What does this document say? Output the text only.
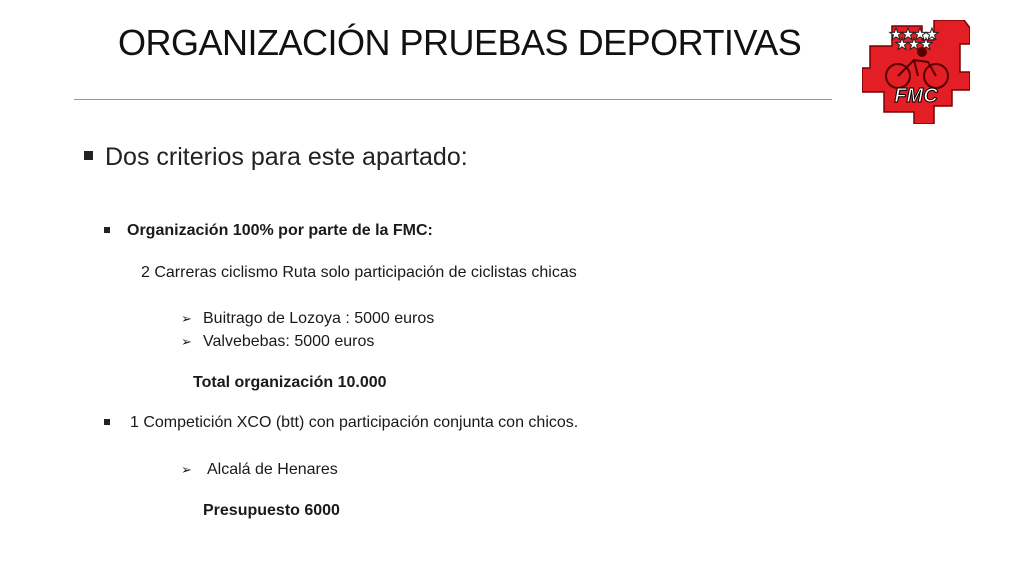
ORGANIZACIÓN PRUEBAS DEPORTIVAS
FMC
Dos criterios para este apartado:
Organización 100% por parte de la FMC:
2 Carreras ciclismo Ruta solo participación de ciclistas chicas
➢ Buitrago de Lozoya : 5000 euros
➢ Valvebebas: 5000 euros
Total organización 10.000
1 Competición XCO (btt) con participación conjunta con chicos.
➢ Alcalá de Henares
Presupuesto 6000
